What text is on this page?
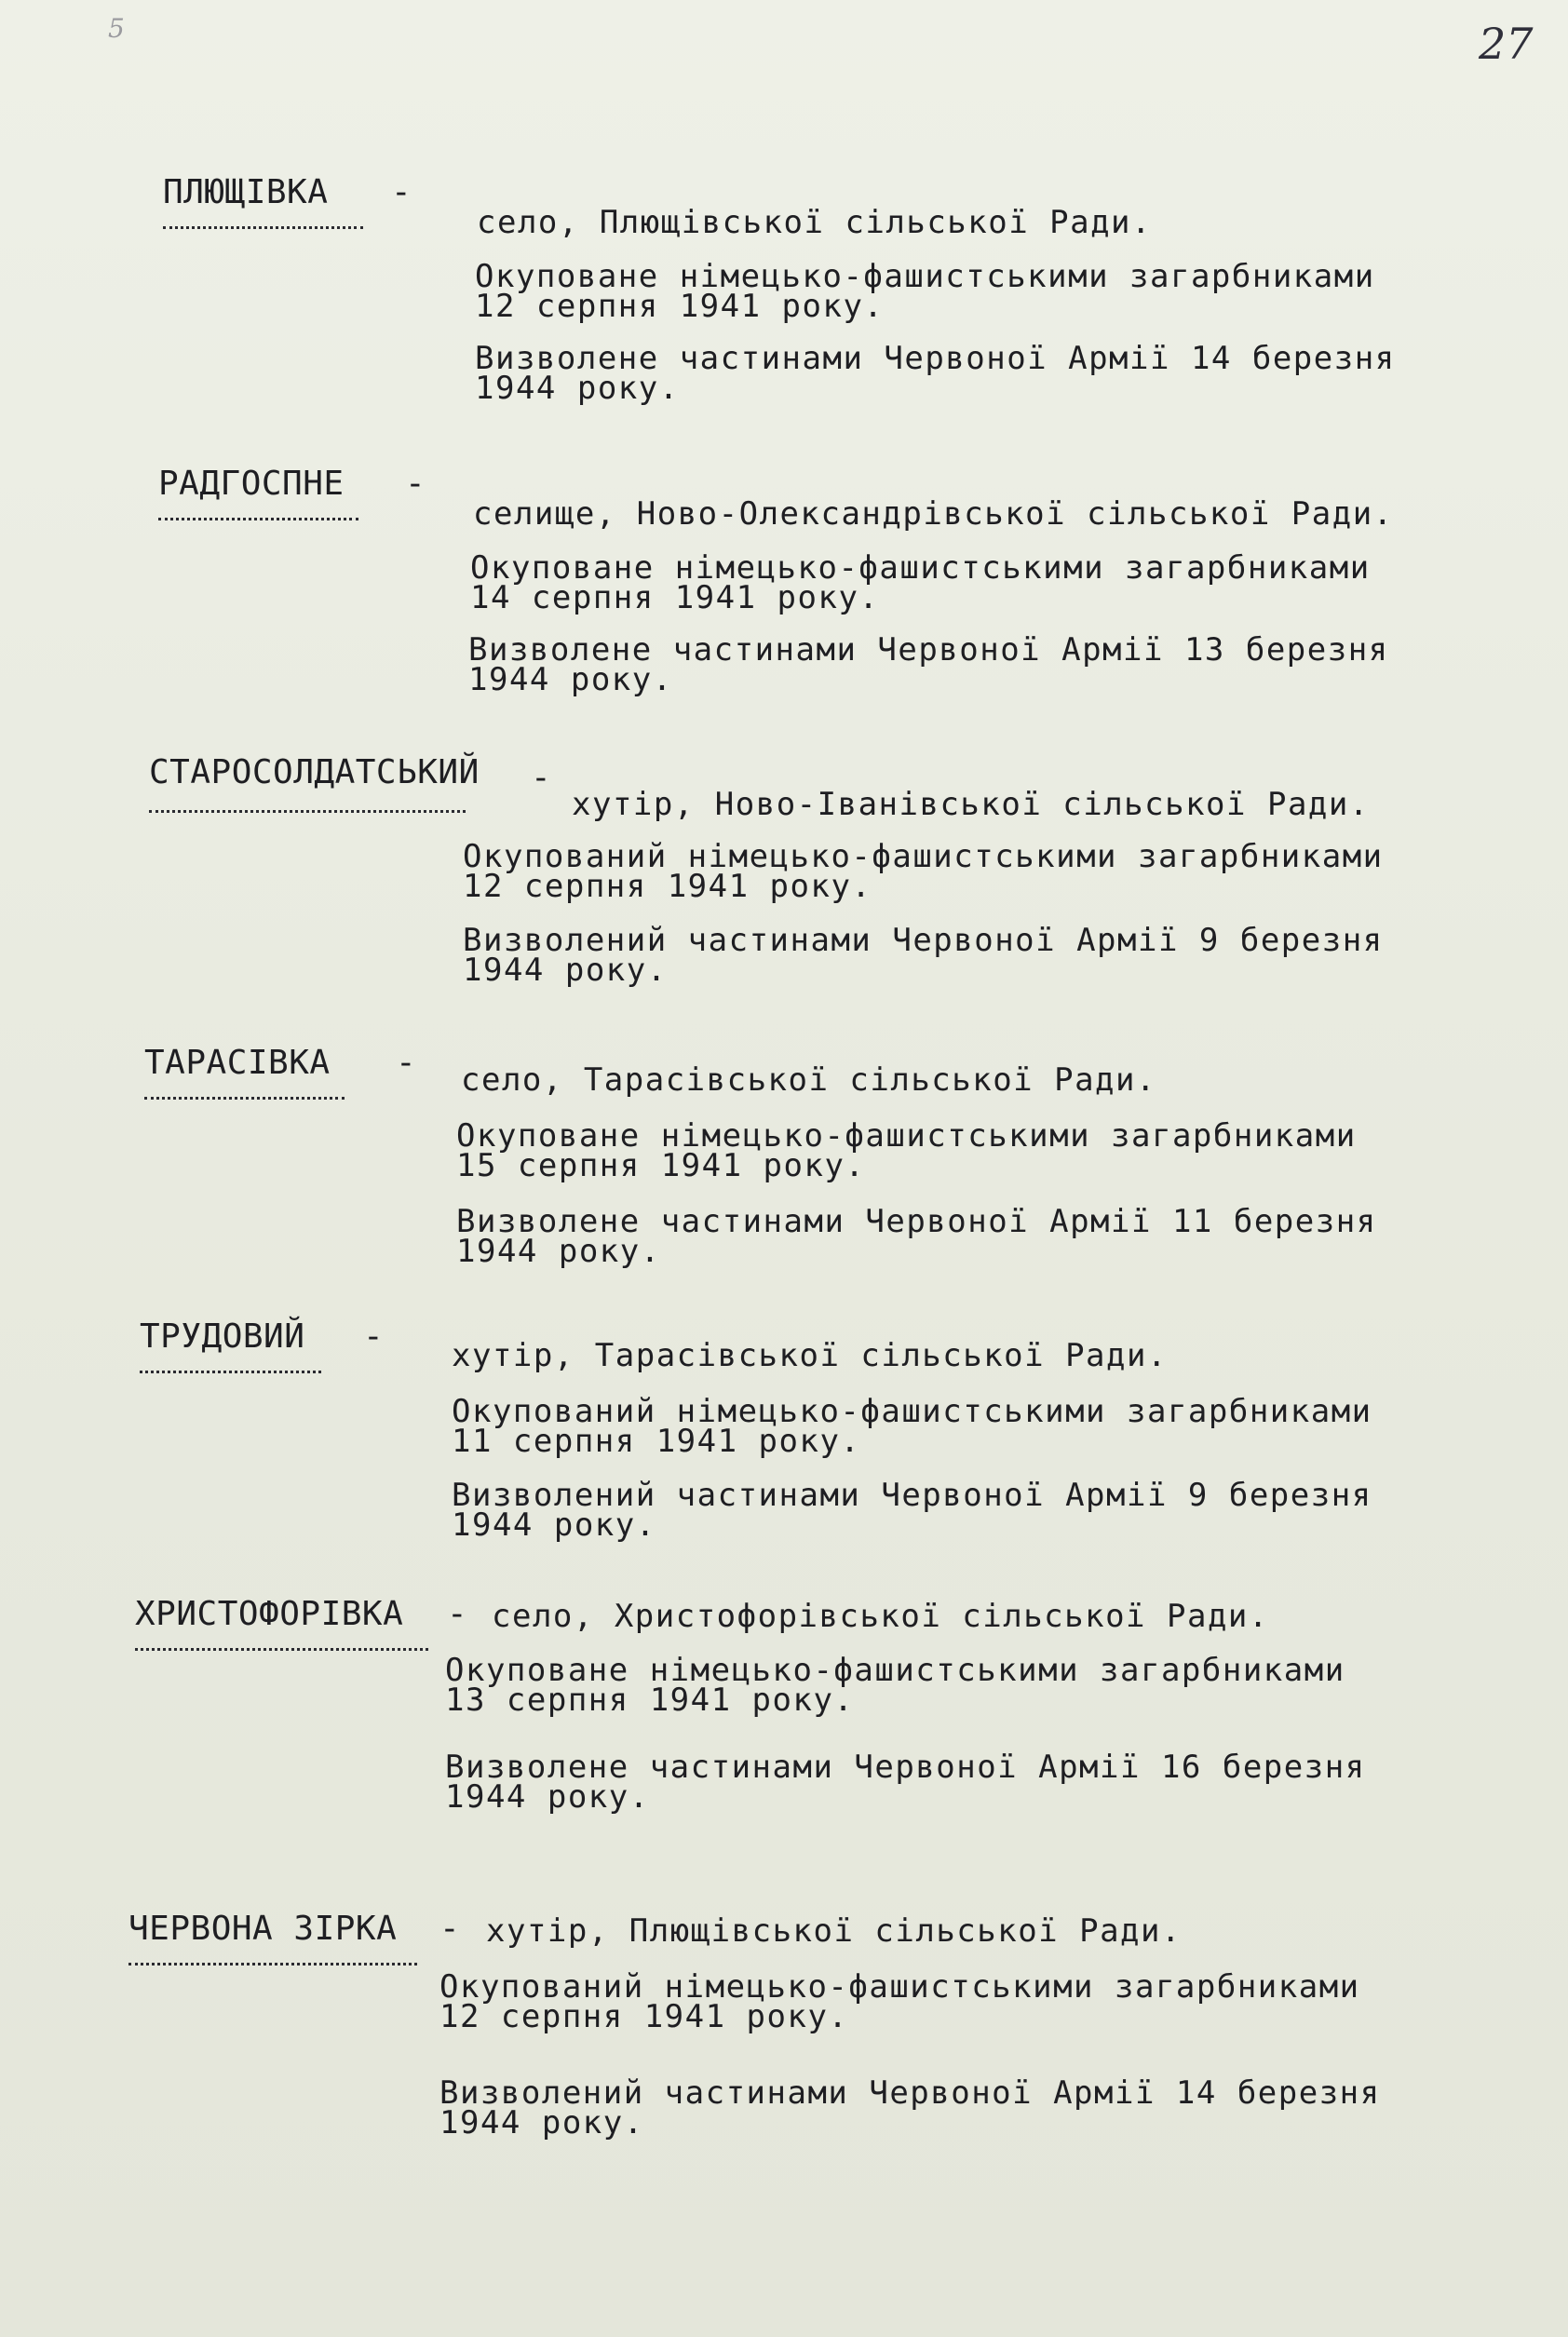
5	27
ПЛЮЩІВКА -
село, Плющівської сільської Ради.
Окуповане німецько-фашистськими загарбниками
12 серпня 1941 року.
Визволене частинами Червоної Армії 14 березня
1944 року.
РАДГОСПНЕ -
селище, Ново-Олександрівської сільської Ради.
Окуповане німецько-фашистськими загарбниками
14 серпня 1941 року.
Визволене частинами Червоної Армії 13 березня
1944 року.
СТАРОСОЛДАТСЬКИЙ -
хутір, Ново-Іванівської сільської Ради.
Окупований німецько-фашистськими загарбниками
12 серпня 1941 року.
Визволений частинами Червоної Армії 9 березня
1944 року.
ТАРАСІВКА - село, Тарасівської сільської Ради.
Окуповане німецько-фашистськими загарбниками
15 серпня 1941 року.
Визволене частинами Червоної Армії 11 березня
1944 року.
ТРУДОВИЙ - хутір, Тарасівської сільської Ради.
Окупований німецько-фашистськими загарбниками
11 серпня 1941 року.
Визволений частинами Червоної Армії 9 березня
1944 року.
ХРИСТОФОРІВКА - село, Христофорівської сільської Ради.
Окуповане німецько-фашистськими загарбниками
13 серпня 1941 року.
Визволене частинами Червоної Армії 16 березня
1944 року.
ЧЕРВОНА ЗІРКА - хутір, Плющівської сільської Ради.
Окупований німецько-фашистськими загарбниками
12 серпня 1941 року.
Визволений частинами Червоної Армії 14 березня
1944 року.
